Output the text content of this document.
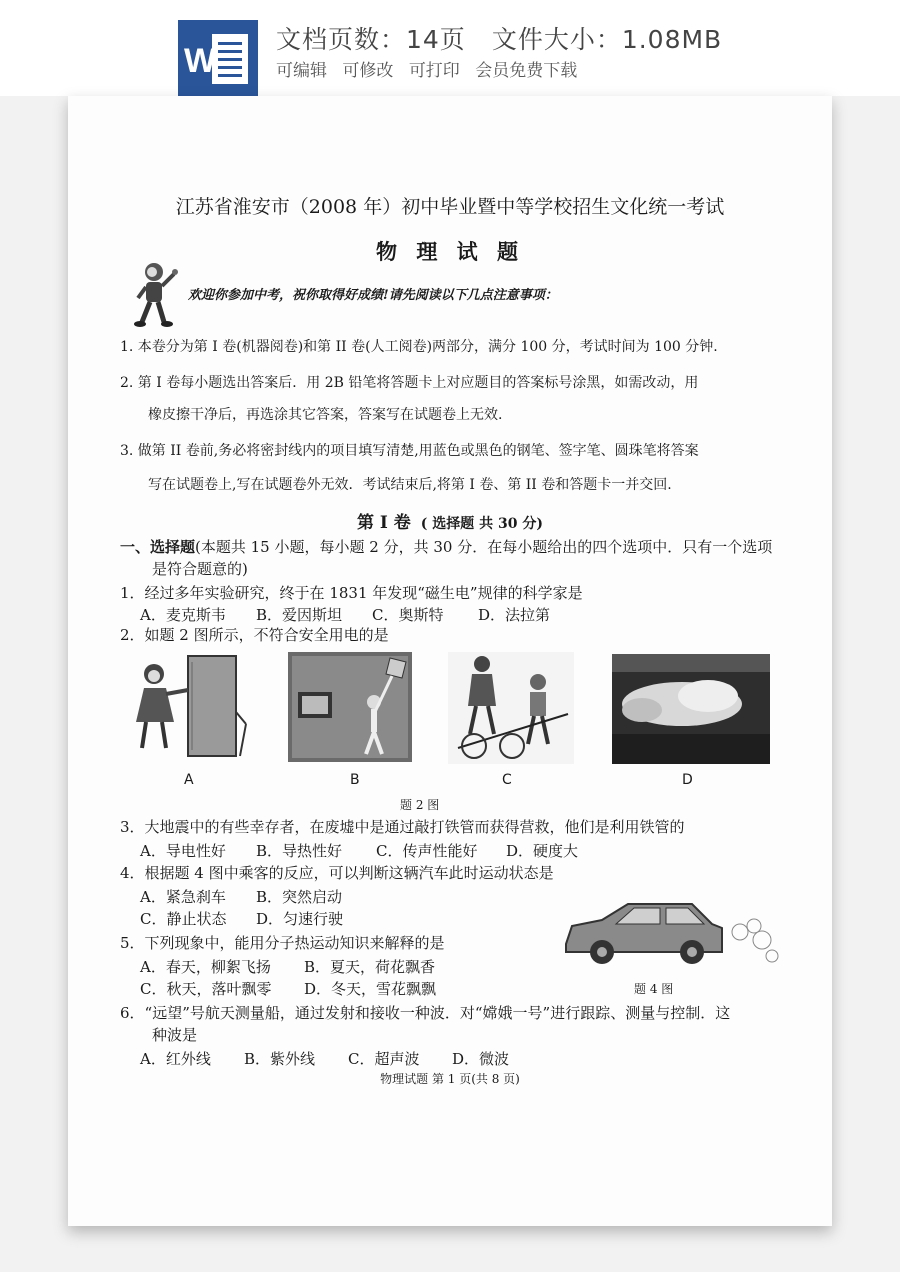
W
文档页数：14页 文件大小：1.08MB
可编辑 可修改 可打印 会员免费下载
江苏省淮安市（2008 年）初中毕业暨中等学校招生文化统一考试
物 理 试 题
欢迎你参加中考，祝你取得好成绩!请先阅读以下几点注意事项：
1. 本卷分为第 I 卷(机器阅卷)和第 II 卷(人工阅卷)两部分，满分 100 分，考试时间为 100 分钟.
2. 第 I 卷每小题选出答案后．用 2B 铅笔将答题卡上对应题目的答案标号涂黑，如需改动，用
橡皮擦干净后，再选涂其它答案，答案写在试题卷上无效.
3. 做第 II 卷前,务必将密封线内的项目填写清楚,用蓝色或黑色的钢笔、签字笔、圆珠笔将答案
写在试题卷上,写在试题卷外无效．考试结束后,将第 I 卷、第 II 卷和答题卡一并交回.
第 I 卷 ( 选择题 共 30 分)
一、选择题(本题共 15 小题，每小题 2 分，共 30 分．在每小题给出的四个选项中．只有一个选项
是符合题意的)
1．经过多年实验研究，终于在 1831 年发现“磁生电”规律的科学家是
A．麦克斯韦 B．爱因斯坦 C．奥斯特 D．法拉第
2．如题 2 图所示，不符合安全用电的是
A	B	C	D
题 2 图
3．大地震中的有些幸存者，在废墟中是通过敲打铁管而获得营救，他们是利用铁管的
A．导电性好 B．导热性好 C．传声性能好 D．硬度大
4．根据题 4 图中乘客的反应，可以判断这辆汽车此时运动状态是
A．紧急刹车 B．突然启动
C．静止状态 D．匀速行驶
题 4 图
5．下列现象中，能用分子热运动知识来解释的是
A．春天，柳絮飞扬 B．夏天，荷花飘香
C．秋天，落叶飘零 D．冬天，雪花飘飘
6．“远望”号航天测量船，通过发射和接收一种波．对“嫦娥一号”进行跟踪、测量与控制．这
种波是
A．红外线 B．紫外线 C．超声波 D．微波
物理试题 第 1 页(共 8 页)
